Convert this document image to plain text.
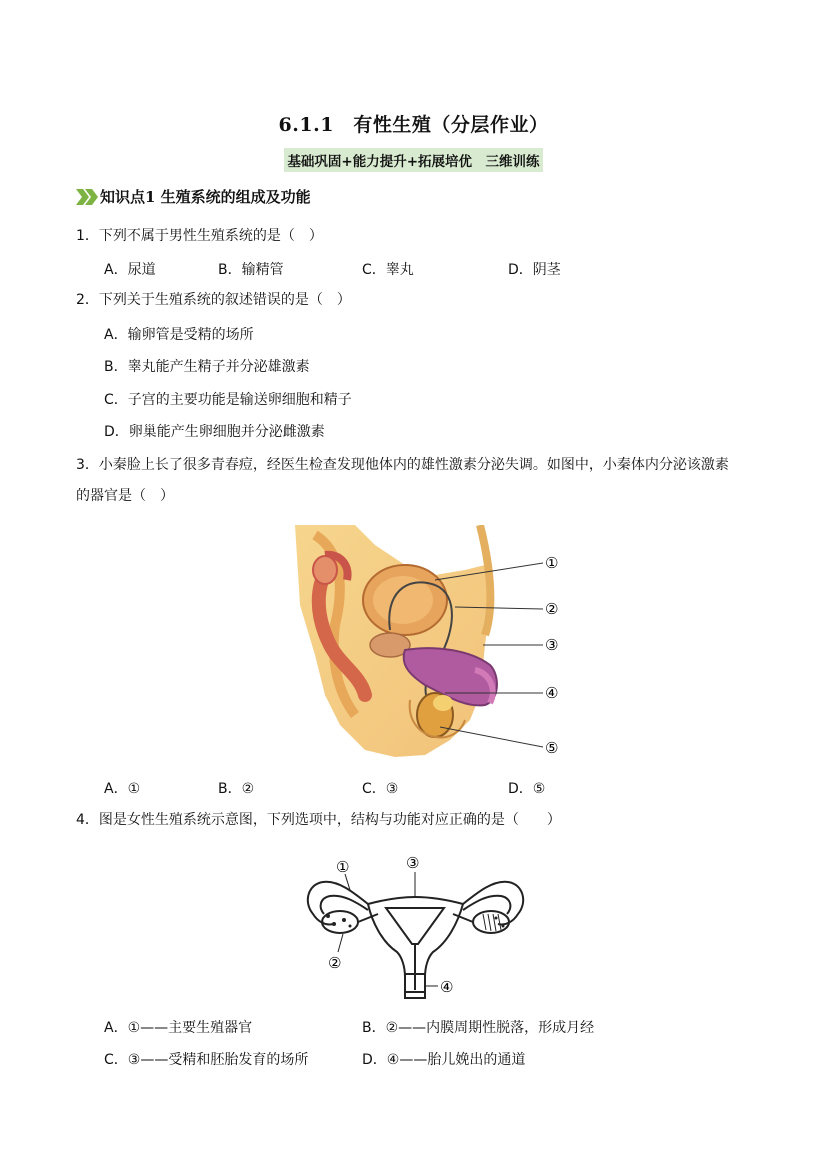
6.1.1　有性生殖（分层作业）
基础巩固+能力提升+拓展培优　三维训练
知识点1 生殖系统的组成及功能
1．下列不属于男性生殖系统的是（　）
A．尿道	B．输精管	C．睾丸	D．阴茎
2．下列关于生殖系统的叙述错误的是（　）
A．输卵管是受精的场所
B．睾丸能产生精子并分泌雄激素
C．子宫的主要功能是输送卵细胞和精子
D．卵巢能产生卵细胞并分泌雌激素
3．小秦脸上长了很多青春痘，经医生检查发现他体内的雄性激素分泌失调。如图中，小秦体内分泌该激素
的器官是（　）
①
②
③
④
⑤
A．①	B．②	C．③	D．⑤
4．图是女性生殖系统示意图，下列选项中，结构与功能对应正确的是（　　）
①	③
②
④
A．①——主要生殖器官	B．②——内膜周期性脱落，形成月经
C．③——受精和胚胎发育的场所	D．④——胎儿娩出的通道
